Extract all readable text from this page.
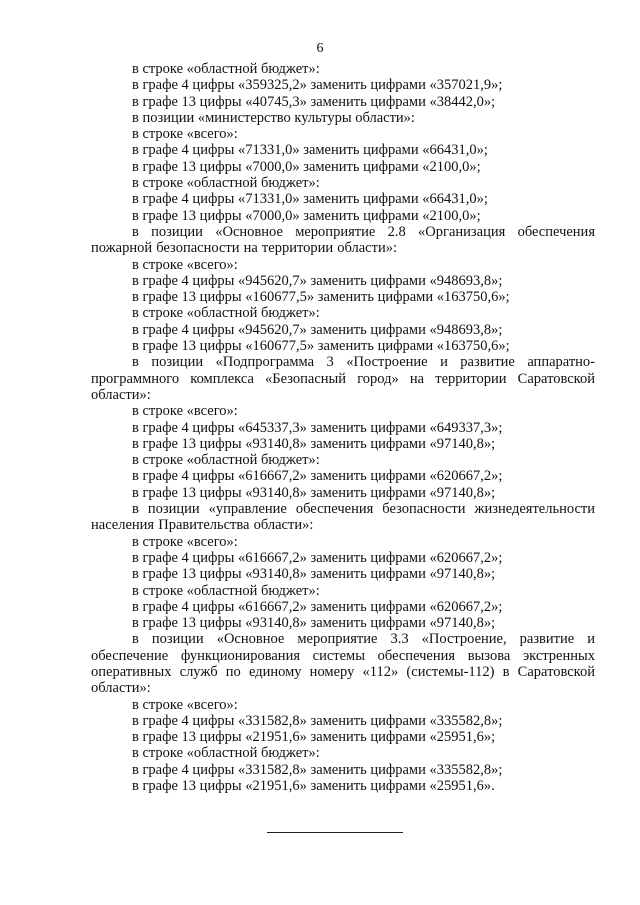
6
в строке «областной бюджет»:
в графе 4 цифры «359325,2» заменить цифрами «357021,9»;
в графе 13 цифры «40745,3» заменить цифрами «38442,0»;
в позиции «министерство культуры области»:
в строке «всего»:
в графе 4 цифры «71331,0» заменить цифрами «66431,0»;
в графе 13 цифры «7000,0» заменить цифрами «2100,0»;
в строке «областной бюджет»:
в графе 4 цифры «71331,0» заменить цифрами «66431,0»;
в графе 13 цифры «7000,0» заменить цифрами «2100,0»;
в позиции «Основное мероприятие 2.8 «Организация обеспечения пожарной безопасности на территории области»:
в строке «всего»:
в графе 4 цифры «945620,7» заменить цифрами «948693,8»;
в графе 13 цифры «160677,5» заменить цифрами «163750,6»;
в строке «областной бюджет»:
в графе 4 цифры «945620,7» заменить цифрами «948693,8»;
в графе 13 цифры «160677,5» заменить цифрами «163750,6»;
в позиции «Подпрограмма 3 «Построение и развитие аппаратно-программного комплекса «Безопасный город» на территории Саратовской области»:
в строке «всего»:
в графе 4 цифры «645337,3» заменить цифрами «649337,3»;
в графе 13 цифры «93140,8» заменить цифрами «97140,8»;
в строке «областной бюджет»:
в графе 4 цифры «616667,2» заменить цифрами «620667,2»;
в графе 13 цифры «93140,8» заменить цифрами «97140,8»;
в позиции «управление обеспечения безопасности жизнедеятельности населения Правительства области»:
в строке «всего»:
в графе 4 цифры «616667,2» заменить цифрами «620667,2»;
в графе 13 цифры «93140,8» заменить цифрами «97140,8»;
в строке «областной бюджет»:
в графе 4 цифры «616667,2» заменить цифрами «620667,2»;
в графе 13 цифры «93140,8» заменить цифрами «97140,8»;
в позиции «Основное мероприятие 3.3 «Построение, развитие и обеспечение функционирования системы обеспечения вызова экстренных оперативных служб по единому номеру «112» (системы-112) в Саратовской области»:
в строке «всего»:
в графе 4 цифры «331582,8» заменить цифрами «335582,8»;
в графе 13 цифры «21951,6» заменить цифрами «25951,6»;
в строке «областной бюджет»:
в графе 4 цифры «331582,8» заменить цифрами «335582,8»;
в графе 13 цифры «21951,6» заменить цифрами «25951,6».
